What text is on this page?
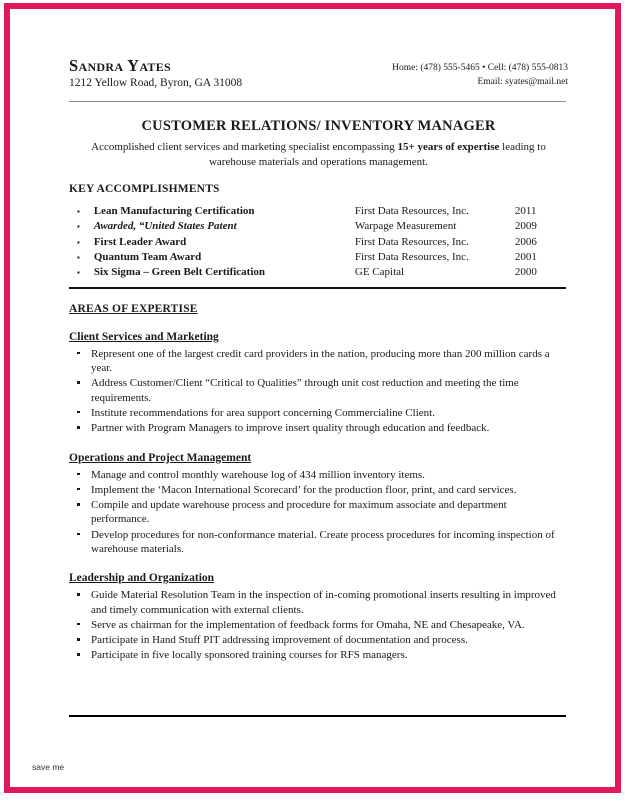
Sandra Yates
1212 Yellow Road, Byron, GA 31008
Home: (478) 555-5465 • Cell: (478) 555-0813
Email: syates@mail.net
CUSTOMER RELATIONS/ INVENTORY MANAGER
Accomplished client services and marketing specialist encompassing 15+ years of expertise leading to warehouse materials and operations management.
KEY ACCOMPLISHMENTS
▪	Lean Manufacturing Certification	First Data Resources, Inc.	2011
▪	Awarded, “United States Patent	Warpage Measurement	2009
▪	First Leader Award	First Data Resources, Inc.	2006
▪	Quantum Team Award	First Data Resources, Inc.	2001
▪	Six Sigma – Green Belt Certification	GE Capital	2000
AREAS OF EXPERTISE
Client Services and Marketing
Represent one of the largest credit card providers in the nation, producing more than 200 million cards a year.
Address Customer/Client “Critical to Qualities” through unit cost reduction and meeting the time requirements.
Institute recommendations for area support concerning Commercialine Client.
Partner with Program Managers to improve insert quality through education and feedback.
Operations and Project Management
Manage and control monthly warehouse log of 434 million inventory items.
Implement the ‘Macon International Scorecard’ for the production floor, print, and card services.
Compile and update warehouse process and procedure for maximum associate and department performance.
Develop procedures for non-conformance material. Create process procedures for incoming inspection of warehouse materials.
Leadership and Organization
Guide Material Resolution Team in the inspection of in-coming promotional inserts resulting in improved and timely communication with external clients.
Serve as chairman for the implementation of feedback forms for Omaha, NE and Chesapeake, VA.
Participate in Hand Stuff PIT addressing improvement of documentation and process.
Participate in five locally sponsored training courses for RFS managers.
save me
